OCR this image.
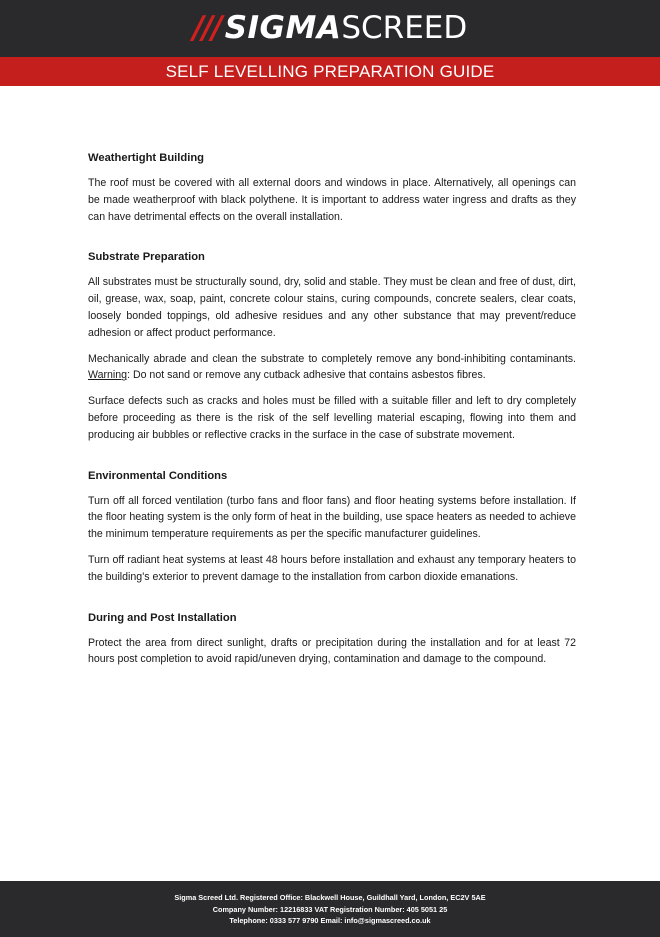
/// SIGMASCREED
SELF LEVELLING PREPARATION GUIDE
Weathertight Building

The roof must be covered with all external doors and windows in place. Alternatively, all openings can be made weatherproof with black polythene. It is important to address water ingress and drafts as they can have detrimental effects on the overall installation.

Substrate Preparation

All substrates must be structurally sound, dry, solid and stable. They must be clean and free of dust, dirt, oil, grease, wax, soap, paint, concrete colour stains, curing compounds, concrete sealers, clear coats, loosely bonded toppings, old adhesive residues and any other substance that may prevent/reduce adhesion or affect product performance.

Mechanically abrade and clean the substrate to completely remove any bond-inhibiting contaminants. Warning: Do not sand or remove any cutback adhesive that contains asbestos fibres.

Surface defects such as cracks and holes must be filled with a suitable filler and left to dry completely before proceeding as there is the risk of the self levelling material escaping, flowing into them and producing air bubbles or reflective cracks in the surface in the case of substrate movement.

Environmental Conditions

Turn off all forced ventilation (turbo fans and floor fans) and floor heating systems before installation. If the floor heating system is the only form of heat in the building, use space heaters as needed to achieve the minimum temperature requirements as per the specific manufacturer guidelines.

Turn off radiant heat systems at least 48 hours before installation and exhaust any temporary heaters to the building's exterior to prevent damage to the installation from carbon dioxide emanations.

During and Post Installation

Protect the area from direct sunlight, drafts or precipitation during the installation and for at least 72 hours post completion to avoid rapid/uneven drying, contamination and damage to the compound.

Sigma Screed Ltd. Registered Office: Blackwell House, Guildhall Yard, London, EC2V 5AE
Company Number: 12216833 VAT Registration Number: 405 5051 25
Telephone: 0333 577 9790 Email: info@sigmascreed.co.uk
